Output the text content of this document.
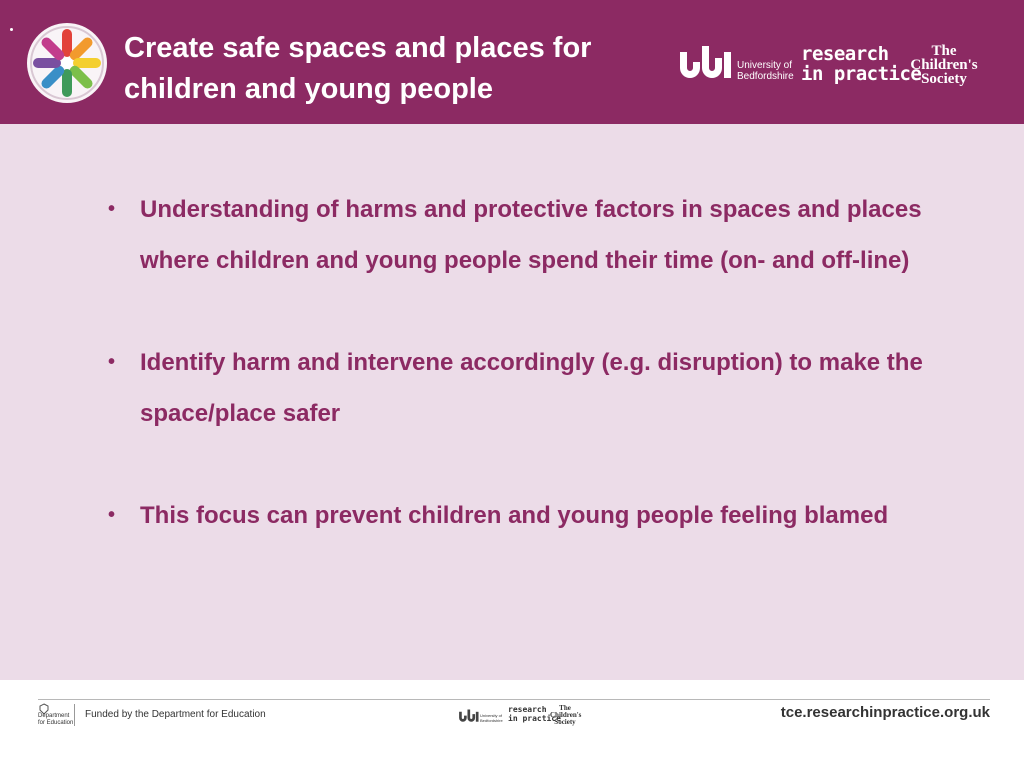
Create safe spaces and places for
children and young people
University of
Bedfordshire
research
in practice
The
Children's
Society
• Understanding of harms and protective factors in spaces and places where children and young people spend their time (on- and off-line)
• Identify harm and intervene accordingly (e.g. disruption) to make the space/place safer
• This focus can prevent children and young people feeling blamed
Department
for Education
Funded by the Department for Education	University of
Bedfordshire
research
in practice
The
Children's
Society
tce.researchinpractice.org.uk
